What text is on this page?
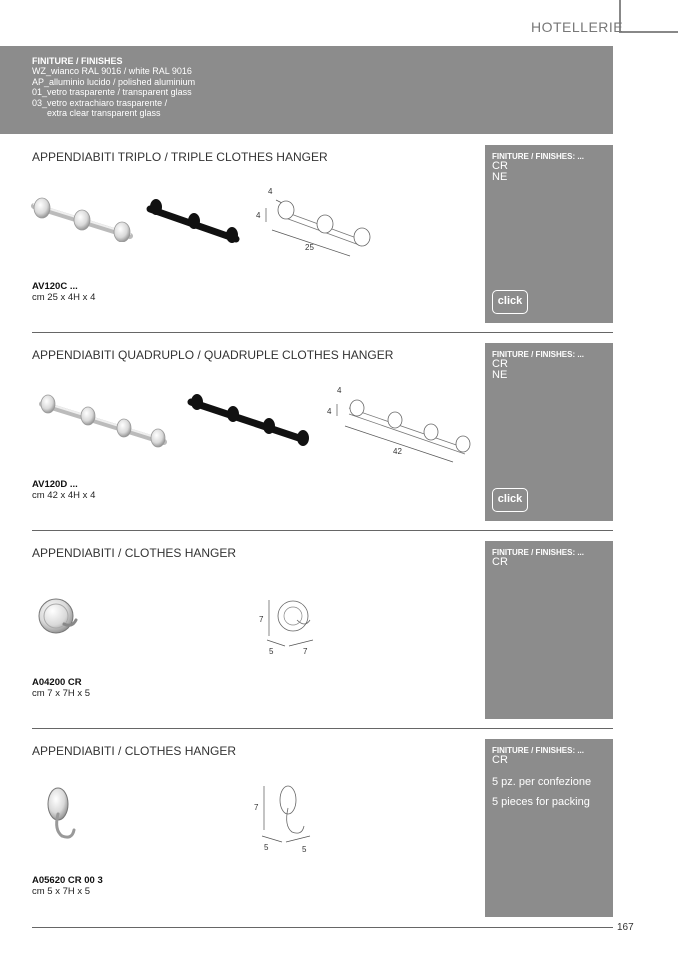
HOTELLERIE
FINITURE / FINISHES
WZ_wianco RAL 9016 / white RAL 9016
AP_alluminio lucido / polished aluminium
01_vetro trasparente / transparent glass
03_vetro extrachiaro trasparente /
extra clear transparent glass
APPENDIABITI TRIPLO / TRIPLE CLOTHES HANGER
4
4
25
AV120C ...
cm 25 x 4H x 4
FINITURE / FINISHES: ...
CR
NE
click
APPENDIABITI QUADRUPLO / QUADRUPLE CLOTHES HANGER
4
4
42
AV120D ...
cm 42 x 4H x 4
FINITURE / FINISHES: ...
CR
NE
click
APPENDIABITI / CLOTHES HANGER
7
5	7
A04200 CR
cm 7 x 7H x 5
FINITURE / FINISHES: ...
CR
APPENDIABITI / CLOTHES HANGER
7
5	5
A05620 CR 00 3
cm 5 x 7H x 5
FINITURE / FINISHES: ...
CR
5 pz. per confezione
5 pieces for packing
167
